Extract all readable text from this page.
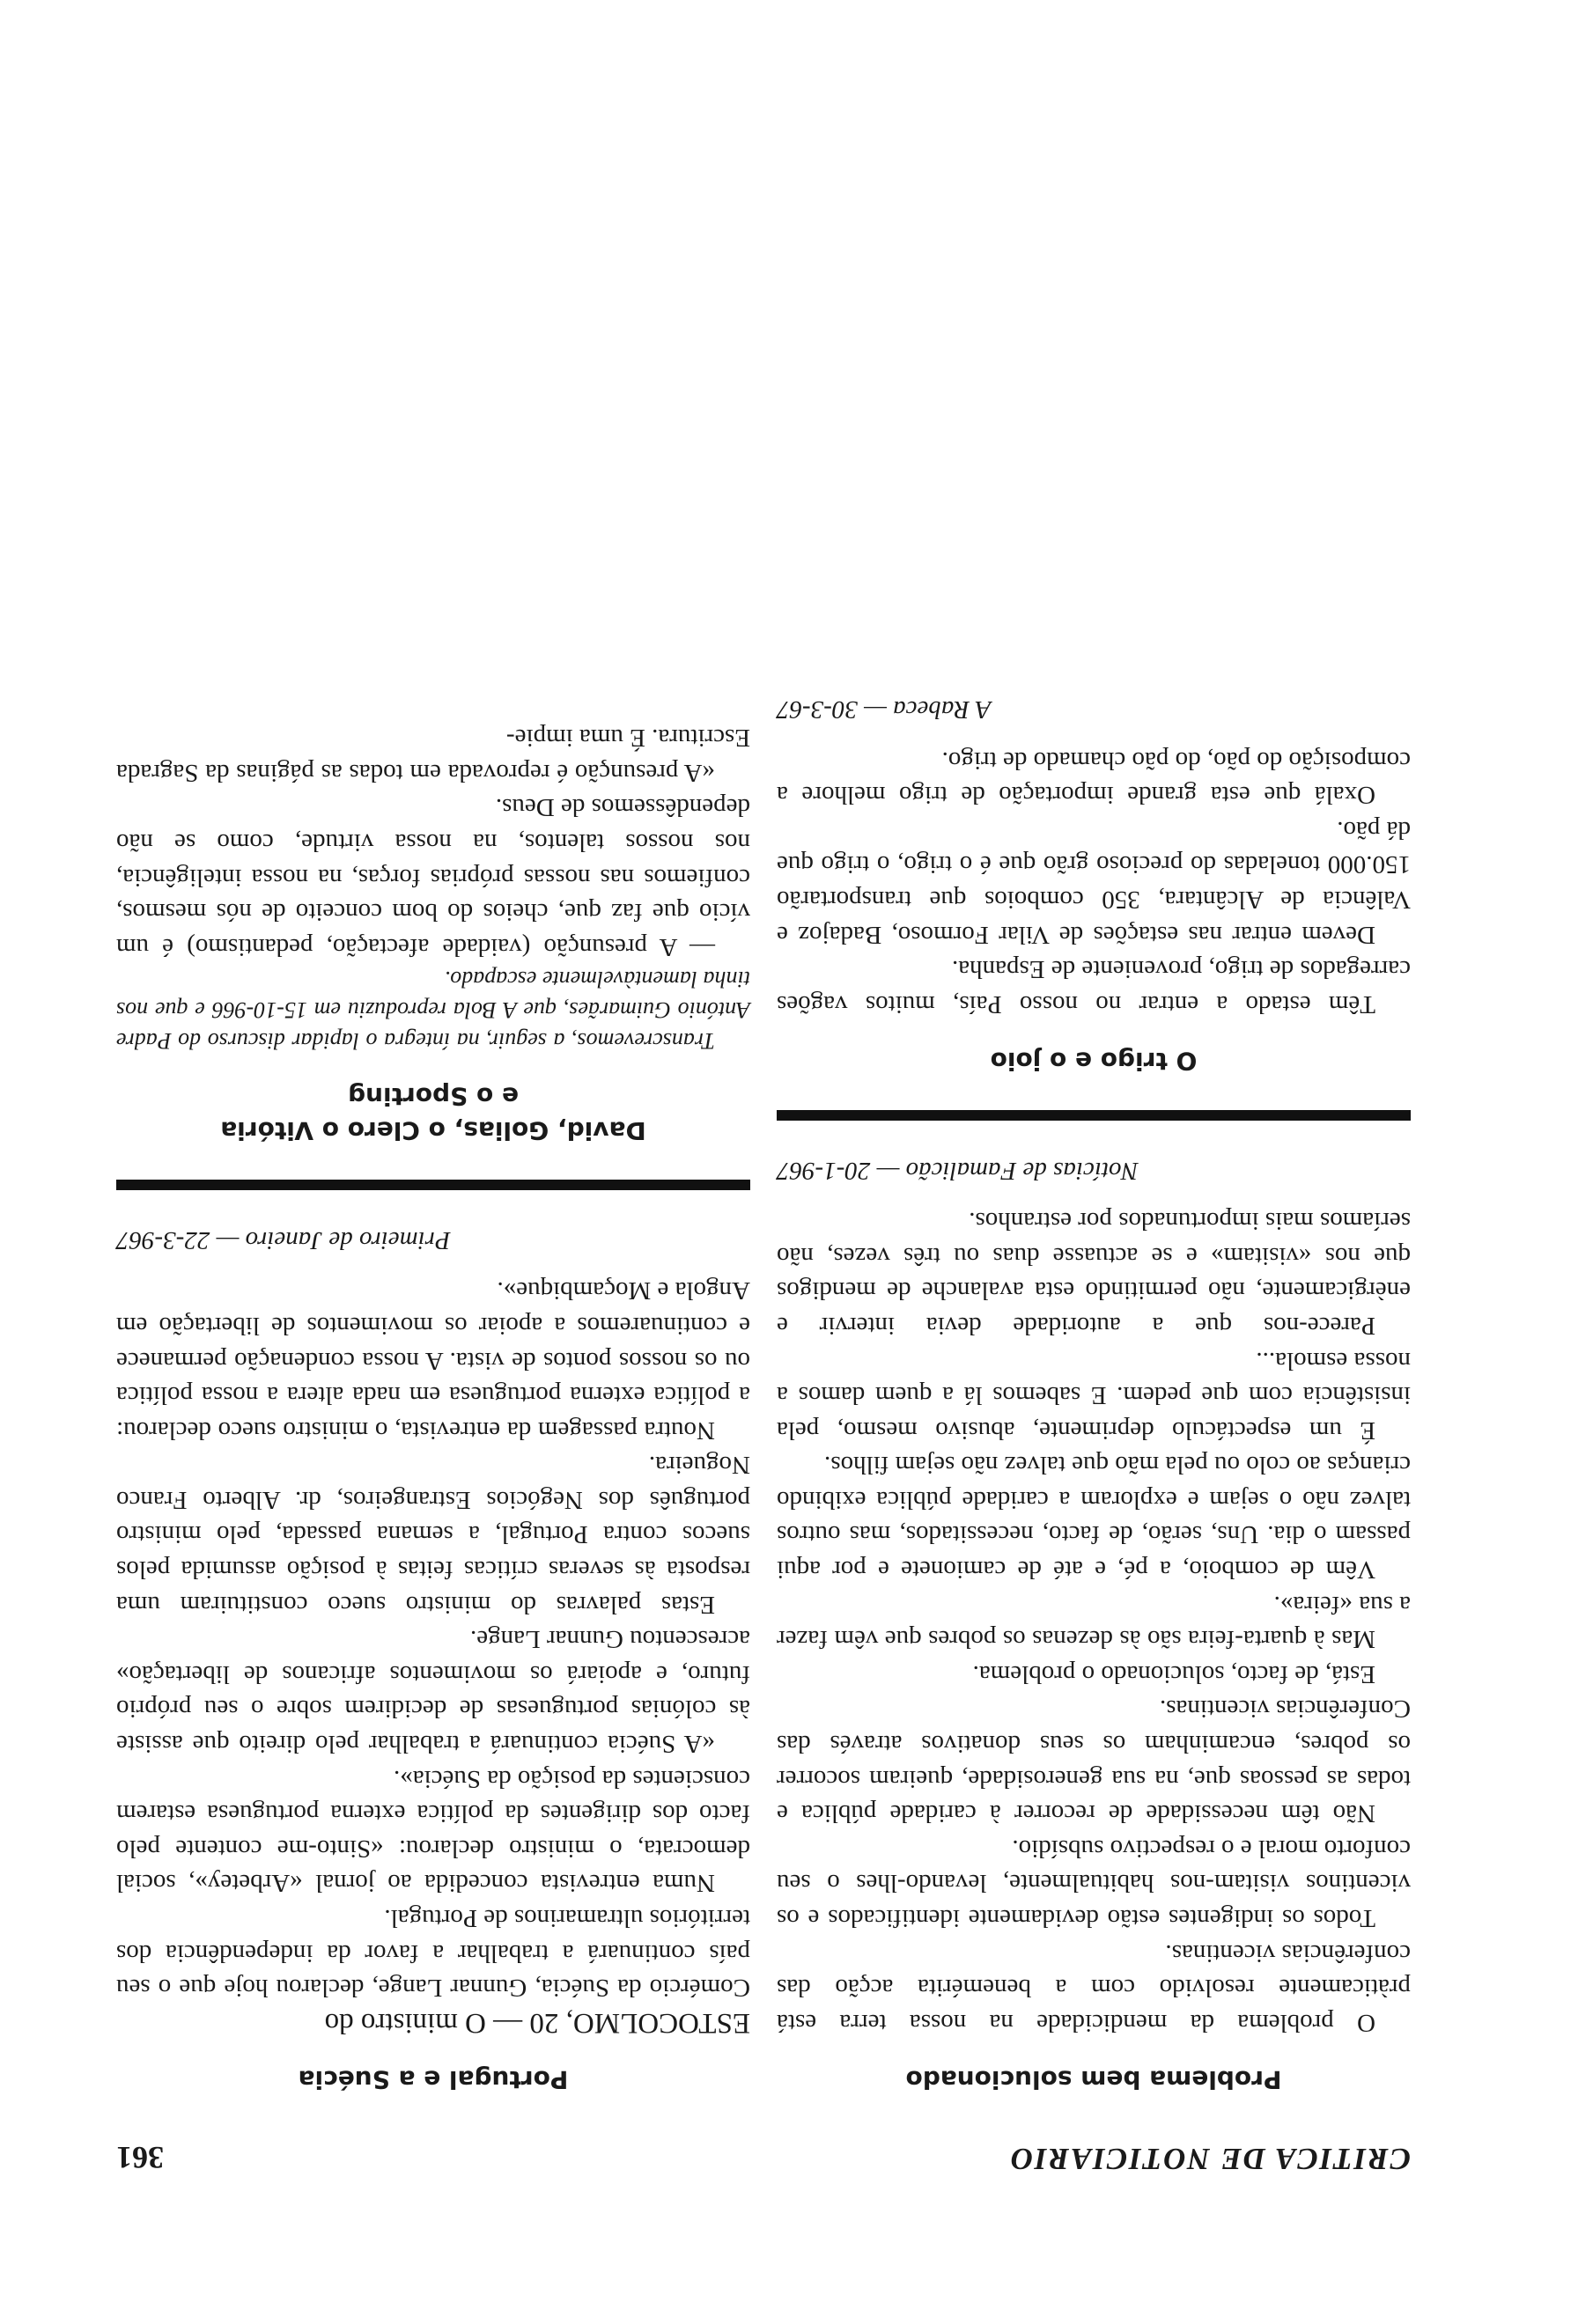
CRITICA DE NOTICIARIO
361
Problema bem solucionado

O problema da mendicidade na nossa terra está pràticamente resolvido com a benemérita acção das conferências vicentinas.

Todos os indigentes estão devidamente identificados e os vicentinos visitam-nos habitualmente, levando-lhes o seu conforto moral e o respectivo subsídio.

Não têm necessidade de recorrer à caridade pública e todas as pessoas que, na sua generosidade, queiram socorrer os pobres, encaminham os seus donativos através das Conferências vicentinas.

Está, de facto, solucionado o problema.

Mas à quarta-feira são às dezenas os pobres que vêm fazer a sua «feira».

Vêm de comboio, a pé, e até de camionete e por aqui passam o dia. Uns, serão, de facto, necessitados, mas outros talvez não o sejam e exploram a caridade pública exibindo crianças ao colo ou pela mão que talvez não sejam filhos.

É um espectáculo deprimente, abusivo mesmo, pela insistência com que pedem. E sabemos lá a quem damos a nossa esmola...

Parece-nos que a autoridade devia intervir e enèrgicamente, não permitindo esta avalanche de mendigos que nos «visitam» e se actuasse duas ou três vezes, não seríamos mais importunados por estranhos.

Notícias de Famalicão — 20-1-967

O trigo e o joio

Têm estado a entrar no nosso País, muitos vagões carregados de trigo, proveniente de Espanha.

Devem entrar nas estações de Vilar Formoso, Badajoz e Valência de Alcântara, 350 comboios que transportarão 150.000 toneladas do precioso grão que é o trigo, o trigo que dá pão.

Oxalá que esta grande importação de trigo melhore a composição do pão, do pão chamado de trigo.

A Rabeca — 30-3-67

Portugal e a Suécia

ESTOCOLMO, 20 — O ministro do

Comércio da Suécia, Gunnar Lange, declarou hoje que o seu país continuará a trabalhar a favor da independência dos territórios ultramarinos de Portugal.

Numa entrevista concedida ao jornal «Arbetey», social democrata, o ministro declarou: «Sinto-me contente pelo facto dos dirigentes da política externa portuguesa estarem conscientes da posição da Suécia».

«A Suécia continuará a trabalhar pelo direito que assiste às colónias portuguesas de decidirem sobre o seu próprio futuro, e apoiará os movimentos africanos de libertação» acrescentou Gunnar Lange.

Estas palavras do ministro sueco constituiram uma resposta às severas críticas feitas à posição assumida pelos suecos contra Portugal, a semana passada, pelo ministro português dos Negócios Estrangeiros, dr. Alberto Franco Nogueira.

Noutra passagem da entrevista, o ministro sueco declarou: a política externa portuguesa em nada altera a nossa política ou os nossos pontos de vista. A nossa condenação permanece e continuaremos a apoiar os movimentos de libertação em Angola e Moçambique».

Primeiro de Janeiro — 22-3-967

David, Golias, o Clero o Vitória
e o Sporting

Transcrevemos, a seguir, na íntegra o lapidar discurso do Padre António Guimarães, que A Bola reproduziu em 15-10-966 e que nos tinha lamentàvelmente escapado.

— A presunção (vaidade afectação, pedantismo) é um vício que faz que, cheios do bom conceito de nós mesmos, confiemos nas nossas próprias forças, na nossa inteligência, nos nossos talentos, na nossa virtude, como se não dependêssemos de Deus.

«A presunção é reprovada em todas as páginas da Sagrada Escritura. É uma impie-
